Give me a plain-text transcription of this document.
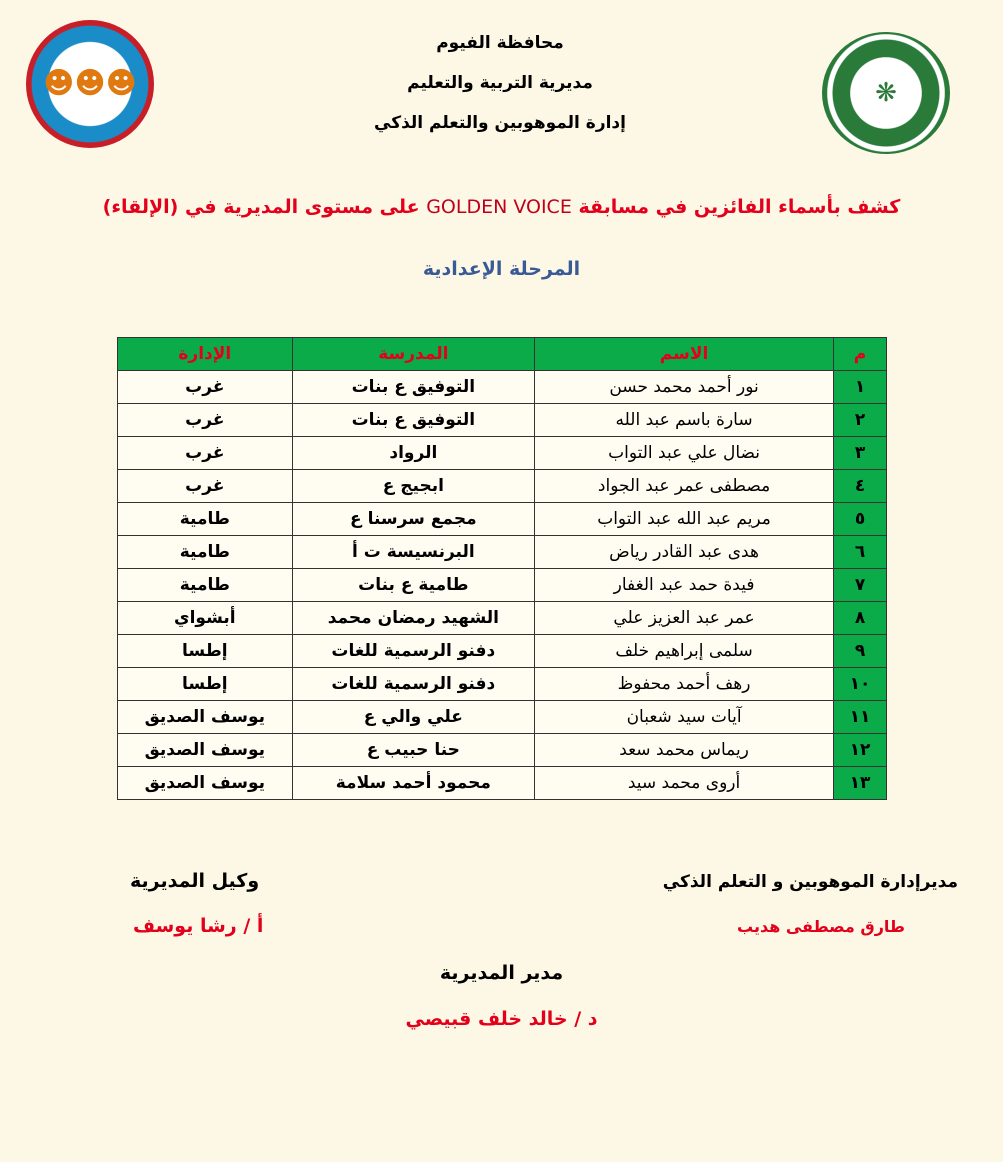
☻☻☻	❋
محافظة الفيوم
مديرية التربية والتعليم
إدارة الموهوبين والتعلم الذكي
كشف بأسماء الفائزين في مسابقة GOLDEN VOICE على مستوى المديرية في (الإلقاء)
المرحلة الإعدادية
م	الاسم	المدرسة	الإدارة
١	نور أحمد محمد حسن	التوفيق ع بنات	غرب
٢	سارة باسم عبد الله	التوفيق ع بنات	غرب
٣	نضال علي عبد التواب	الرواد	غرب
٤	مصطفى عمر عبد الجواد	ابجيج ع	غرب
٥	مريم عبد الله عبد التواب	مجمع سرسنا ع	طامية
٦	هدى عبد القادر رياض	البرنسيسة ت أ	طامية
٧	فيدة حمد عبد الغفار	طامية ع بنات	طامية
٨	عمر عبد العزيز علي	الشهيد رمضان محمد	أبشواي
٩	سلمى إبراهيم خلف	دفنو الرسمية للغات	إطسا
١٠	رهف أحمد محفوظ	دفنو الرسمية للغات	إطسا
١١	آيات سيد شعبان	علي والي ع	يوسف الصديق
١٢	ريماس محمد سعد	حنا حبيب ع	يوسف الصديق
١٣	أروى محمد سيد	محمود أحمد سلامة	يوسف الصديق
مديرإدارة الموهوبين و التعلم الذكي
طارق مصطفى هديب
وكيل المديرية
أ / رشا يوسف
مدير المديرية
د / خالد خلف قبيصي
